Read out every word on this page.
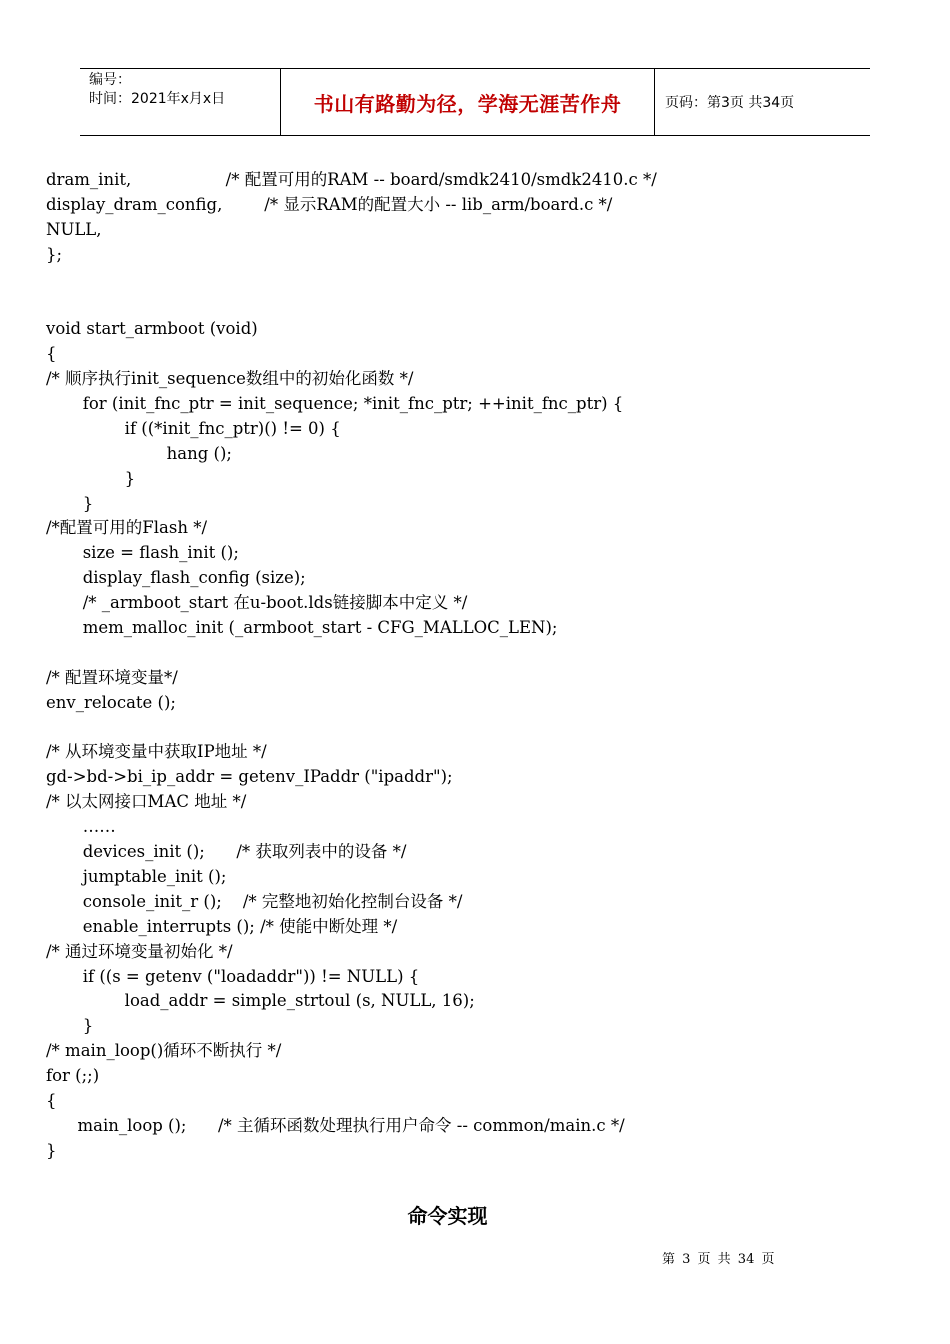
编号：
时间：2021年x月x日	书山有路勤为径，学海无涯苦作舟	页码：第3页 共34页
dram_init,                  /* 配置可用的RAM -- board/smdk2410/smdk2410.c */
display_dram_config,        /* 显示RAM的配置大小 -- lib_arm/board.c */
NULL,
};

void start_armboot (void)
{
/* 顺序执行init_sequence数组中的初始化函数 */
for (init_fnc_ptr = init_sequence; *init_fnc_ptr; ++init_fnc_ptr) {
if ((*init_fnc_ptr)() != 0) {
hang ();
}
}
/*配置可用的Flash */
size = flash_init ();
display_flash_config (size);
/* _armboot_start 在u-boot.lds链接脚本中定义 */
mem_malloc_init (_armboot_start - CFG_MALLOC_LEN);

/* 配置环境变量*/
env_relocate ();

/* 从环境变量中获取IP地址 */
gd->bd->bi_ip_addr = getenv_IPaddr ("ipaddr");
/* 以太网接口MAC 地址 */
……
devices_init ();      /* 获取列表中的设备 */
jumptable_init ();
console_init_r ();    /* 完整地初始化控制台设备 */
enable_interrupts (); /* 使能中断处理 */
/* 通过环境变量初始化 */
if ((s = getenv ("loadaddr")) != NULL) {
load_addr = simple_strtoul (s, NULL, 16);
}
/* main_loop()循环不断执行 */
for (;;)
{
main_loop ();      /* 主循环函数处理执行用户命令 -- common/main.c */
}
命令实现
第 3 页 共 34 页
